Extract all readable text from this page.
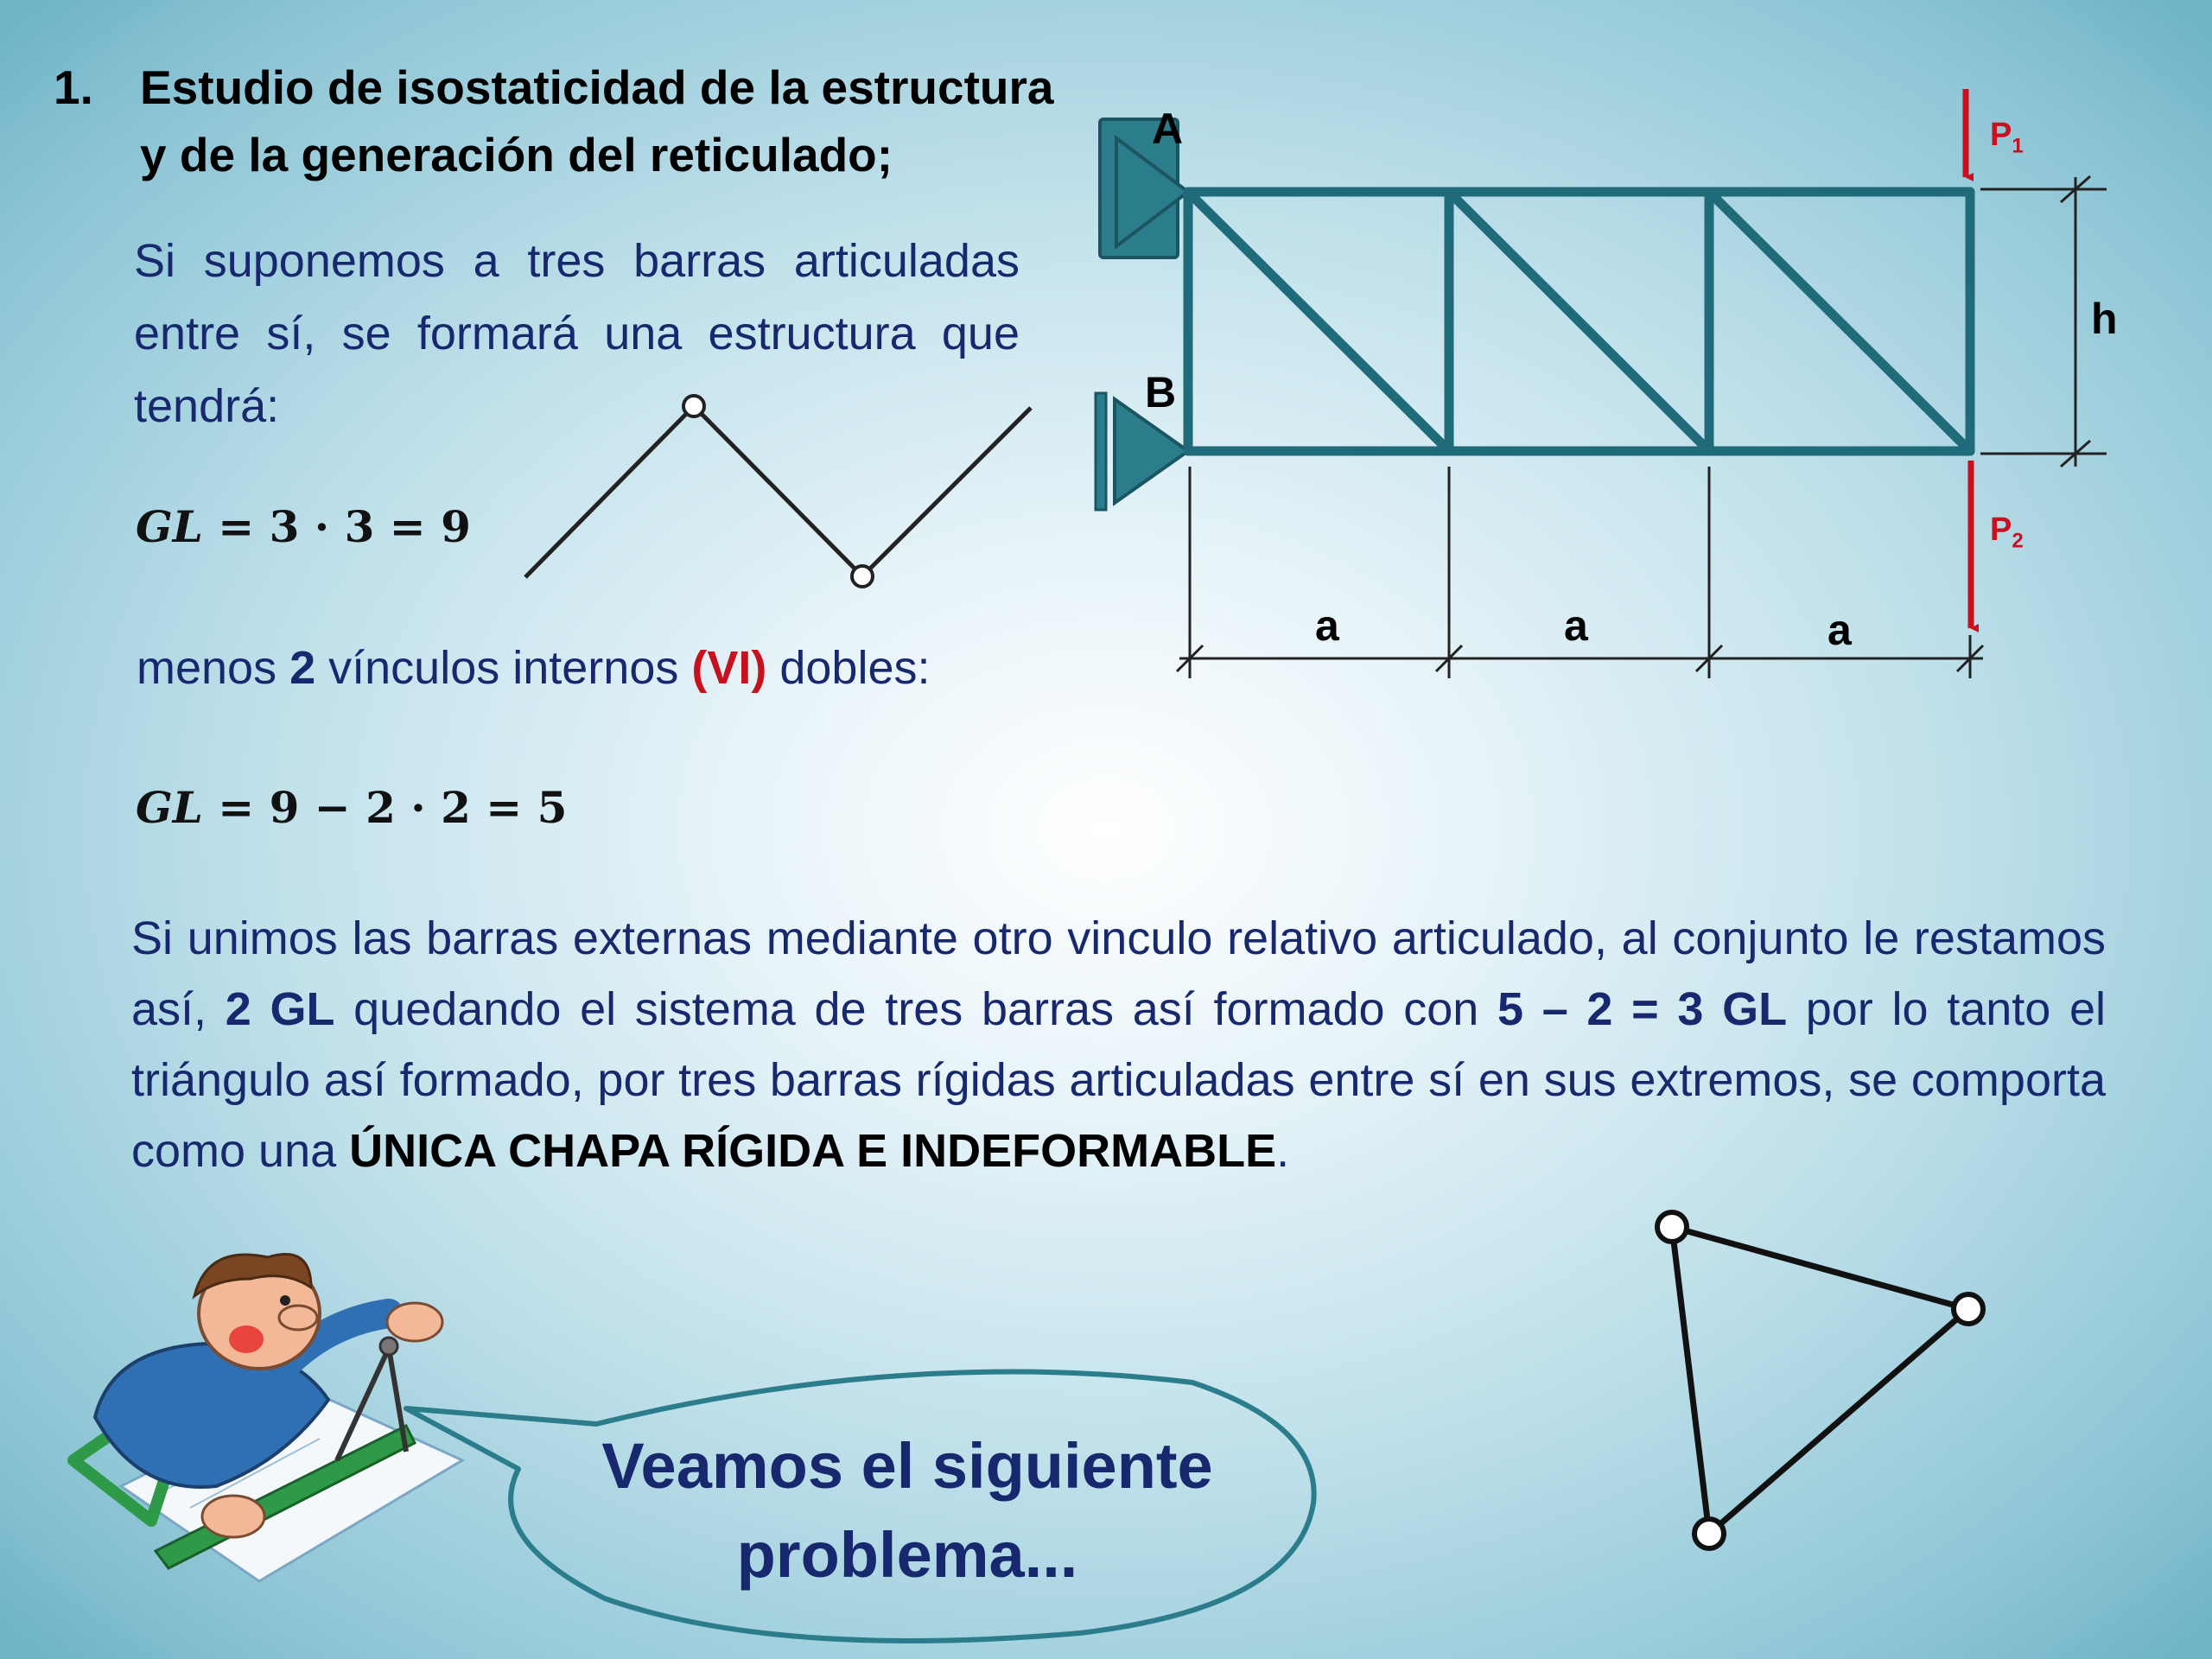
1. Estudio de isostaticidad de la estructura
y de la generación del reticulado;
Si suponemos a tres barras articuladas entre sí, se formará una estructura que tendrá:
GL = 3 · 3 = 9
menos 2 vínculos internos (VI) dobles:
GL = 9 − 2 · 2 = 5
Si unimos las barras externas mediante otro vinculo relativo articulado, al conjunto le restamos así, 2 GL quedando el sistema de tres barras así formado con 5 – 2 = 3 GL por lo tanto el triángulo así formado, por tres barras rígidas articuladas entre sí en sus extremos, se comporta como una ÚNICA CHAPA RÍGIDA E INDEFORMABLE.
A
B
h
a	a	a
$P_1$
$P_2$
Veamos el siguiente
problema...
